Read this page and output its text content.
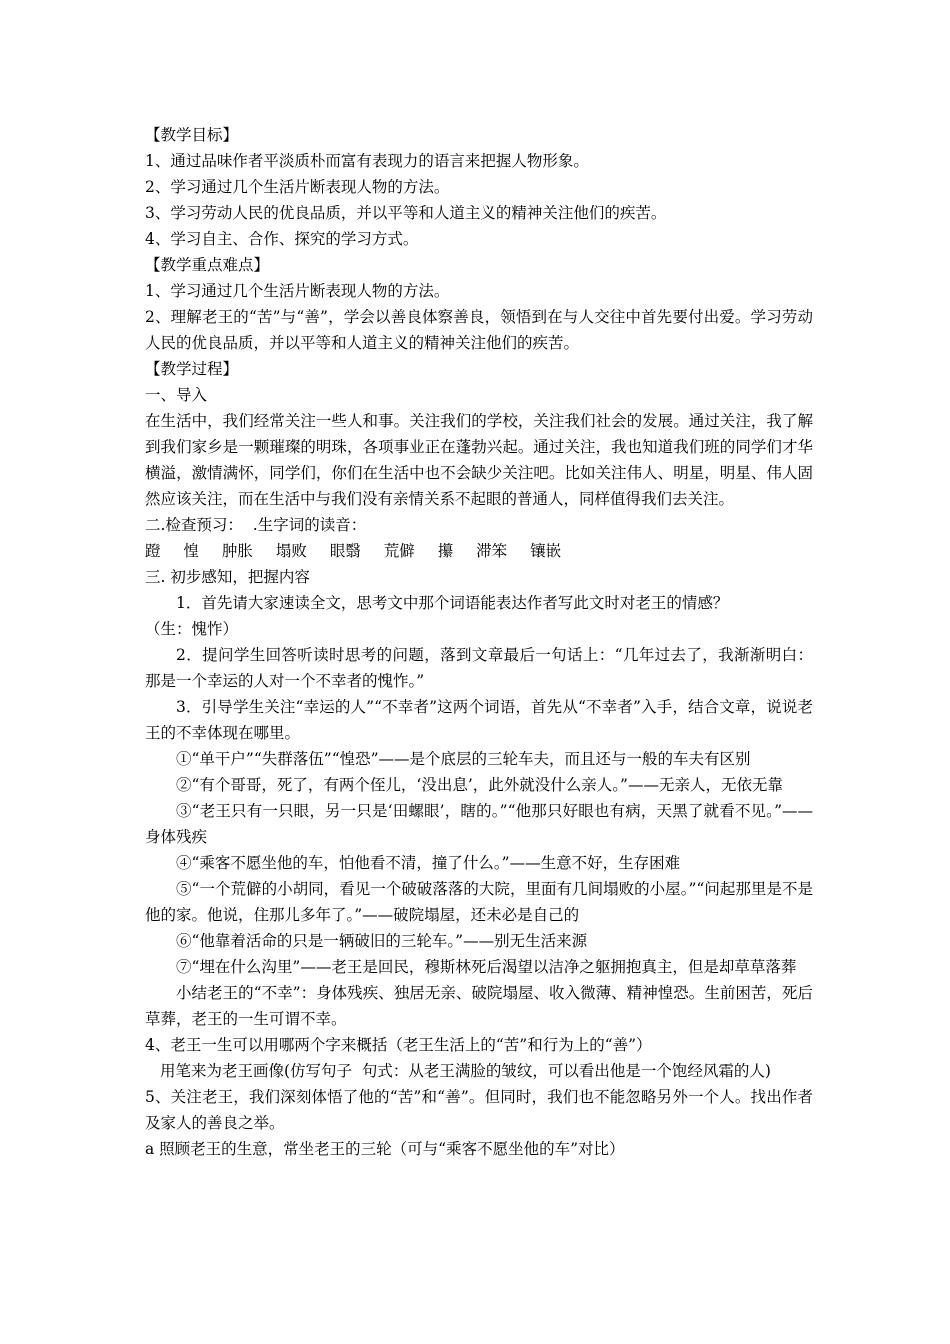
【教学目标】

1、通过品味作者平淡质朴而富有表现力的语言来把握人物形象。

2、学习通过几个生活片断表现人物的方法。

3、学习劳动人民的优良品质，并以平等和人道主义的精神关注他们的疾苦。

4、学习自主、合作、探究的学习方式。

【教学重点难点】

1、学习通过几个生活片断表现人物的方法。

2、理解老王的“苦”与“善”，学会以善良体察善良，领悟到在与人交往中首先要付出爱。学习劳动人民的优良品质，并以平等和人道主义的精神关注他们的疾苦。

【教学过程】

一、导入

在生活中，我们经常关注一些人和事。关注我们的学校，关注我们社会的发展。通过关注，我了解到我们家乡是一颗璀璨的明珠，各项事业正在蓬勃兴起。通过关注，我也知道我们班的同学们才华横溢，激情满怀，同学们，你们在生活中也不会缺少关注吧。比如关注伟人、明星，明星、伟人固然应该关注，而在生活中与我们没有亲情关系不起眼的普通人，同样值得我们去关注。

二.检查预习：  .生字词的读音：

蹬 惶 肿胀 塌败 眼翳 荒僻 攥 滞笨 镶嵌

三. 初步感知，把握内容

1．首先请大家速读全文，思考文中那个词语能表达作者写此文时对老王的情感？

（生：愧怍）

2．提问学生回答听读时思考的问题，落到文章最后一句话上：“几年过去了，我渐渐明白：那是一个幸运的人对一个不幸者的愧怍。”

3．引导学生关注“幸运的人”“不幸者”这两个词语，首先从“不幸者”入手，结合文章，说说老王的不幸体现在哪里。

①“单干户”“失群落伍”“惶恐”——是个底层的三轮车夫，而且还与一般的车夫有区别

②“有个哥哥，死了，有两个侄儿，‘没出息’，此外就没什么亲人。”——无亲人，无依无靠

③“老王只有一只眼，另一只是‘田螺眼’，瞎的。”“他那只好眼也有病，天黑了就看不见。”——身体残疾

④“乘客不愿坐他的车，怕他看不清，撞了什么。”——生意不好，生存困难

⑤“一个荒僻的小胡同，看见一个破破落落的大院，里面有几间塌败的小屋。”“问起那里是不是他的家。他说，住那儿多年了。”——破院塌屋，还未必是自己的

⑥“他靠着活命的只是一辆破旧的三轮车。”——别无生活来源

⑦“埋在什么沟里”——老王是回民，穆斯林死后渴望以洁净之躯拥抱真主，但是却草草落葬

小结老王的“不幸”：身体残疾、独居无亲、破院塌屋、收入微薄、精神惶恐。生前困苦，死后草葬，老王的一生可谓不幸。

4、老王一生可以用哪两个字来概括（老王生活上的“苦”和行为上的“善”）

用笔来为老王画像(仿写句子  句式：从老王满脸的皱纹，可以看出他是一个饱经风霜的人)

5、关注老王，我们深刻体悟了他的“苦”和“善”。但同时，我们也不能忽略另外一个人。找出作者及家人的善良之举。

a 照顾老王的生意，常坐老王的三轮（可与“乘客不愿坐他的车”对比）
